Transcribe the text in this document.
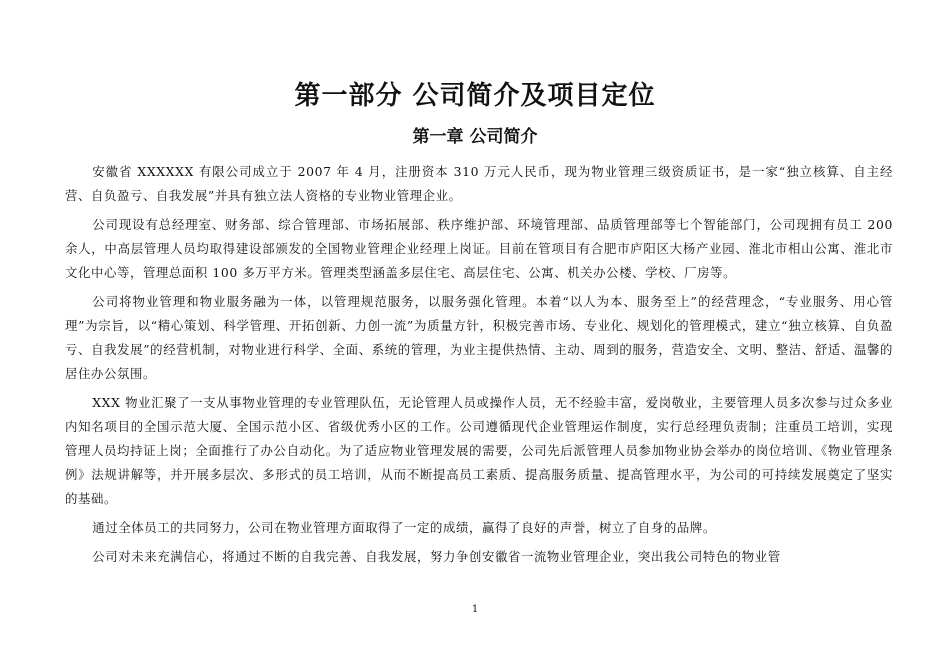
第一部分 公司简介及项目定位
第一章 公司简介

安徽省 XXXXXX 有限公司成立于 2007 年 4 月，注册资本 310 万元人民币，现为物业管理三级资质证书，是一家“独立核算、自主经营、自负盈亏、自我发展”并具有独立法人资格的专业物业管理企业。

公司现设有总经理室、财务部、综合管理部、市场拓展部、秩序维护部、环境管理部、品质管理部等七个智能部门，公司现拥有员工 200 余人，中高层管理人员均取得建设部颁发的全国物业管理企业经理上岗证。目前在管项目有合肥市庐阳区大杨产业园、淮北市相山公寓、淮北市文化中心等，管理总面积 100 多万平方米。管理类型涵盖多层住宅、高层住宅、公寓、机关办公楼、学校、厂房等。

公司将物业管理和物业服务融为一体，以管理规范服务，以服务强化管理。本着“以人为本、服务至上”的经营理念，“专业服务、用心管理”为宗旨，以“精心策划、科学管理、开拓创新、力创一流”为质量方针，积极完善市场、专业化、规划化的管理模式，建立“独立核算、自负盈亏、自我发展”的经营机制，对物业进行科学、全面、系统的管理，为业主提供热情、主动、周到的服务，营造安全、文明、整洁、舒适、温馨的居住办公氛围。

XXX 物业汇聚了一支从事物业管理的专业管理队伍，无论管理人员或操作人员，无不经验丰富，爱岗敬业，主要管理人员多次参与过众多业内知名项目的全国示范大厦、全国示范小区、省级优秀小区的工作。公司遵循现代企业管理运作制度，实行总经理负责制；注重员工培训，实现管理人员均持证上岗；全面推行了办公自动化。为了适应物业管理发展的需要，公司先后派管理人员参加物业协会举办的岗位培训、《物业管理条例》法规讲解等，并开展多层次、多形式的员工培训，从而不断提高员工素质、提高服务质量、提高管理水平，为公司的可持续发展奠定了坚实的基础。

通过全体员工的共同努力，公司在物业管理方面取得了一定的成绩，赢得了良好的声誉，树立了自身的品牌。

公司对未来充满信心，将通过不断的自我完善、自我发展，努力争创安徽省一流物业管理企业，突出我公司特色的物业管

1
